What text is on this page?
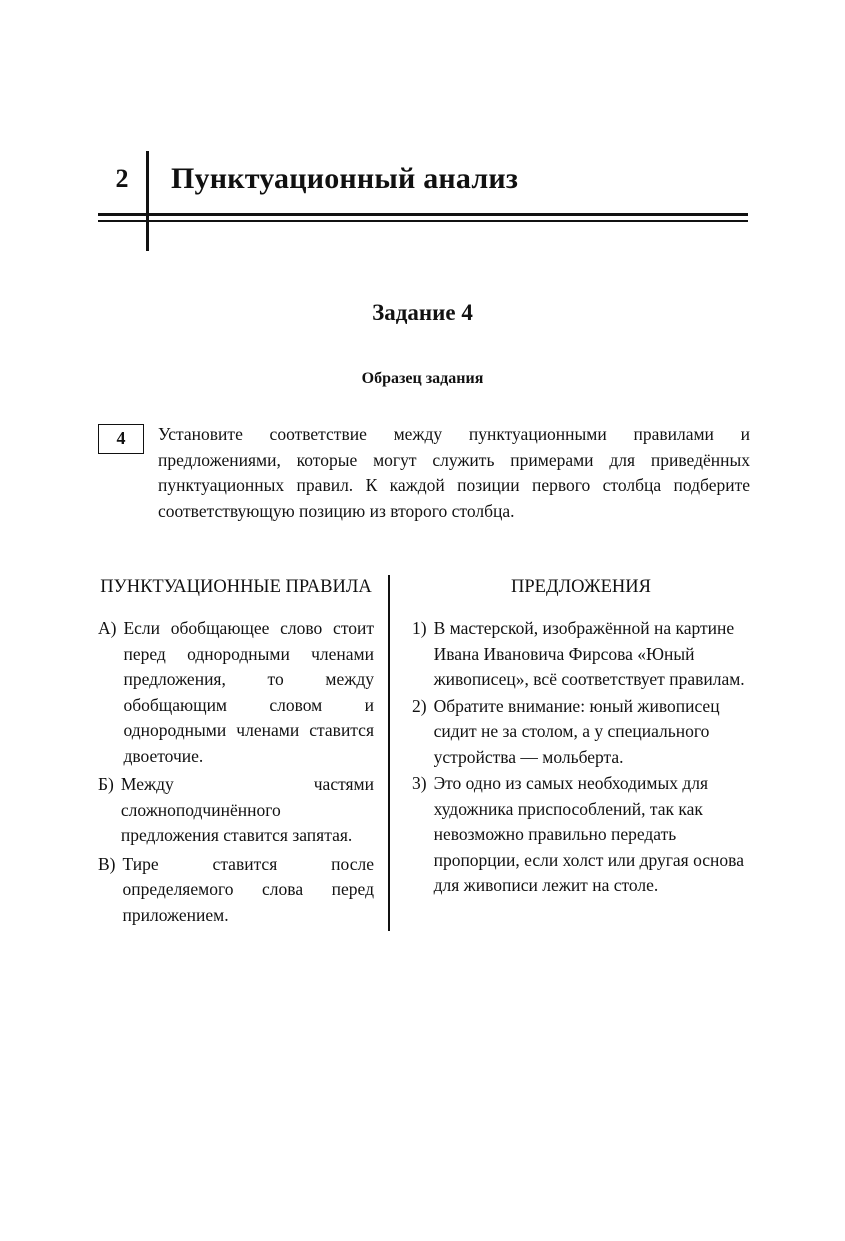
2	Пунктуационный анализ
Задание 4
Образец задания
4	Установите соответствие между пунктуационными правилами и предложениями, которые могут служить примерами для приведённых пунктуационных правил. К каждой позиции первого столбца подберите соответствующую позицию из второго столбца.
ПУНКТУАЦИОННЫЕ ПРАВИЛА
А) Если обобщающее слово стоит перед однородными членами предложения, то между обобщающим словом и однородными членами ставится двоеточие.
Б) Между частями сложноподчинённого предложения ставится запятая.
В) Тире ставится после определяемого слова перед приложением.
ПРЕДЛОЖЕНИЯ
1) В мастерской, изображённой на картине Ивана Ивановича Фирсова «Юный живописец», всё соответствует правилам.
2) Обратите внимание: юный живописец сидит не за столом, а у специального устройства — мольберта.
3) Это одно из самых необходимых для художника приспособлений, так как невозможно правильно передать пропорции, если холст или другая основа для живописи лежит на столе.
